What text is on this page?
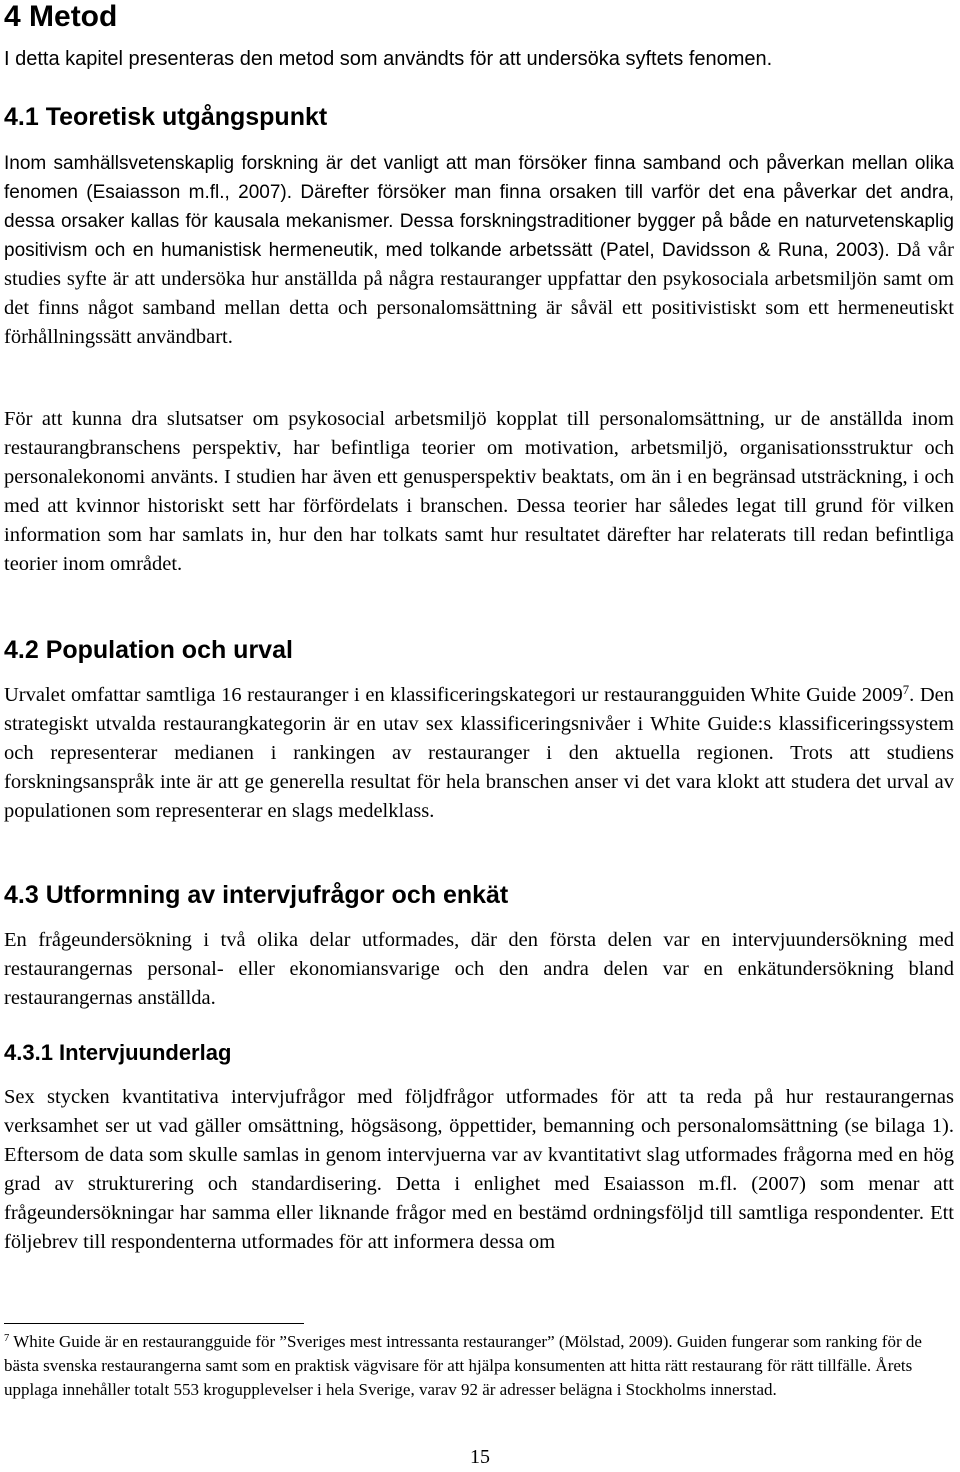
4 Metod

I detta kapitel presenteras den metod som användts för att undersöka syftets fenomen.

4.1 Teoretisk utgångspunkt

Inom samhällsvetenskaplig forskning är det vanligt att man försöker finna samband och påverkan mellan olika fenomen (Esaiasson m.fl., 2007). Därefter försöker man finna orsaken till varför det ena påverkar det andra, dessa orsaker kallas för kausala mekanismer. Dessa forskningstraditioner bygger på både en naturvetenskaplig positivism och en humanistisk hermeneutik, med tolkande arbetssätt (Patel, Davidsson & Runa, 2003). Då vår studies syfte är att undersöka hur anställda på några restauranger uppfattar den psykosociala arbetsmiljön samt om det finns något samband mellan detta och personalomsättning är såväl ett positivistiskt som ett hermeneutiskt förhållningssätt användbart.

För att kunna dra slutsatser om psykosocial arbetsmiljö kopplat till personalomsättning, ur de anställda inom restaurangbranschens perspektiv, har befintliga teorier om motivation, arbetsmiljö, organisationsstruktur och personalekonomi använts. I studien har även ett genusperspektiv beaktats, om än i en begränsad utsträckning, i och med att kvinnor historiskt sett har förfördelats i branschen. Dessa teorier har således legat till grund för vilken information som har samlats in, hur den har tolkats samt hur resultatet därefter har relaterats till redan befintliga teorier inom området.

4.2 Population och urval

Urvalet omfattar samtliga 16 restauranger i en klassificeringskategori ur restaurangguiden White Guide 2009$^7$. Den strategiskt utvalda restaurangkategorin är en utav sex klassificeringsnivåer i White Guide:s klassificeringssystem och representerar medianen i rankingen av restauranger i den aktuella regionen. Trots att studiens forskningsanspråk inte är att ge generella resultat för hela branschen anser vi det vara klokt att studera det urval av populationen som representerar en slags medelklass.

4.3 Utformning av intervjufrågor och enkät

En frågeundersökning i två olika delar utformades, där den första delen var en intervjuundersökning med restaurangernas personal- eller ekonomiansvarige och den andra delen var en enkätundersökning bland restaurangernas anställda.

4.3.1 Intervjuunderlag

Sex stycken kvantitativa intervjufrågor med följdfrågor utformades för att ta reda på hur restaurangernas verksamhet ser ut vad gäller omsättning, högsäsong, öppettider, bemanning och personalomsättning (se bilaga 1). Eftersom de data som skulle samlas in genom intervjuerna var av kvantitativt slag utformades frågorna med en hög grad av strukturering och standardisering. Detta i enlighet med Esaiasson m.fl. (2007) som menar att frågeundersökningar har samma eller liknande frågor med en bestämd ordningsföljd till samtliga respondenter. Ett följebrev till respondenterna utformades för att informera dessa om

$^7$ White Guide är en restaurangguide för ”Sveriges mest intressanta restauranger” (Mölstad, 2009). Guiden fungerar som ranking för de bästa svenska restaurangerna samt som en praktisk vägvisare för att hjälpa konsumenten att hitta rätt restaurang för rätt tillfälle. Årets upplaga innehåller totalt 553 krogupplevelser i hela Sverige, varav 92 är adresser belägna i Stockholms innerstad.

15
